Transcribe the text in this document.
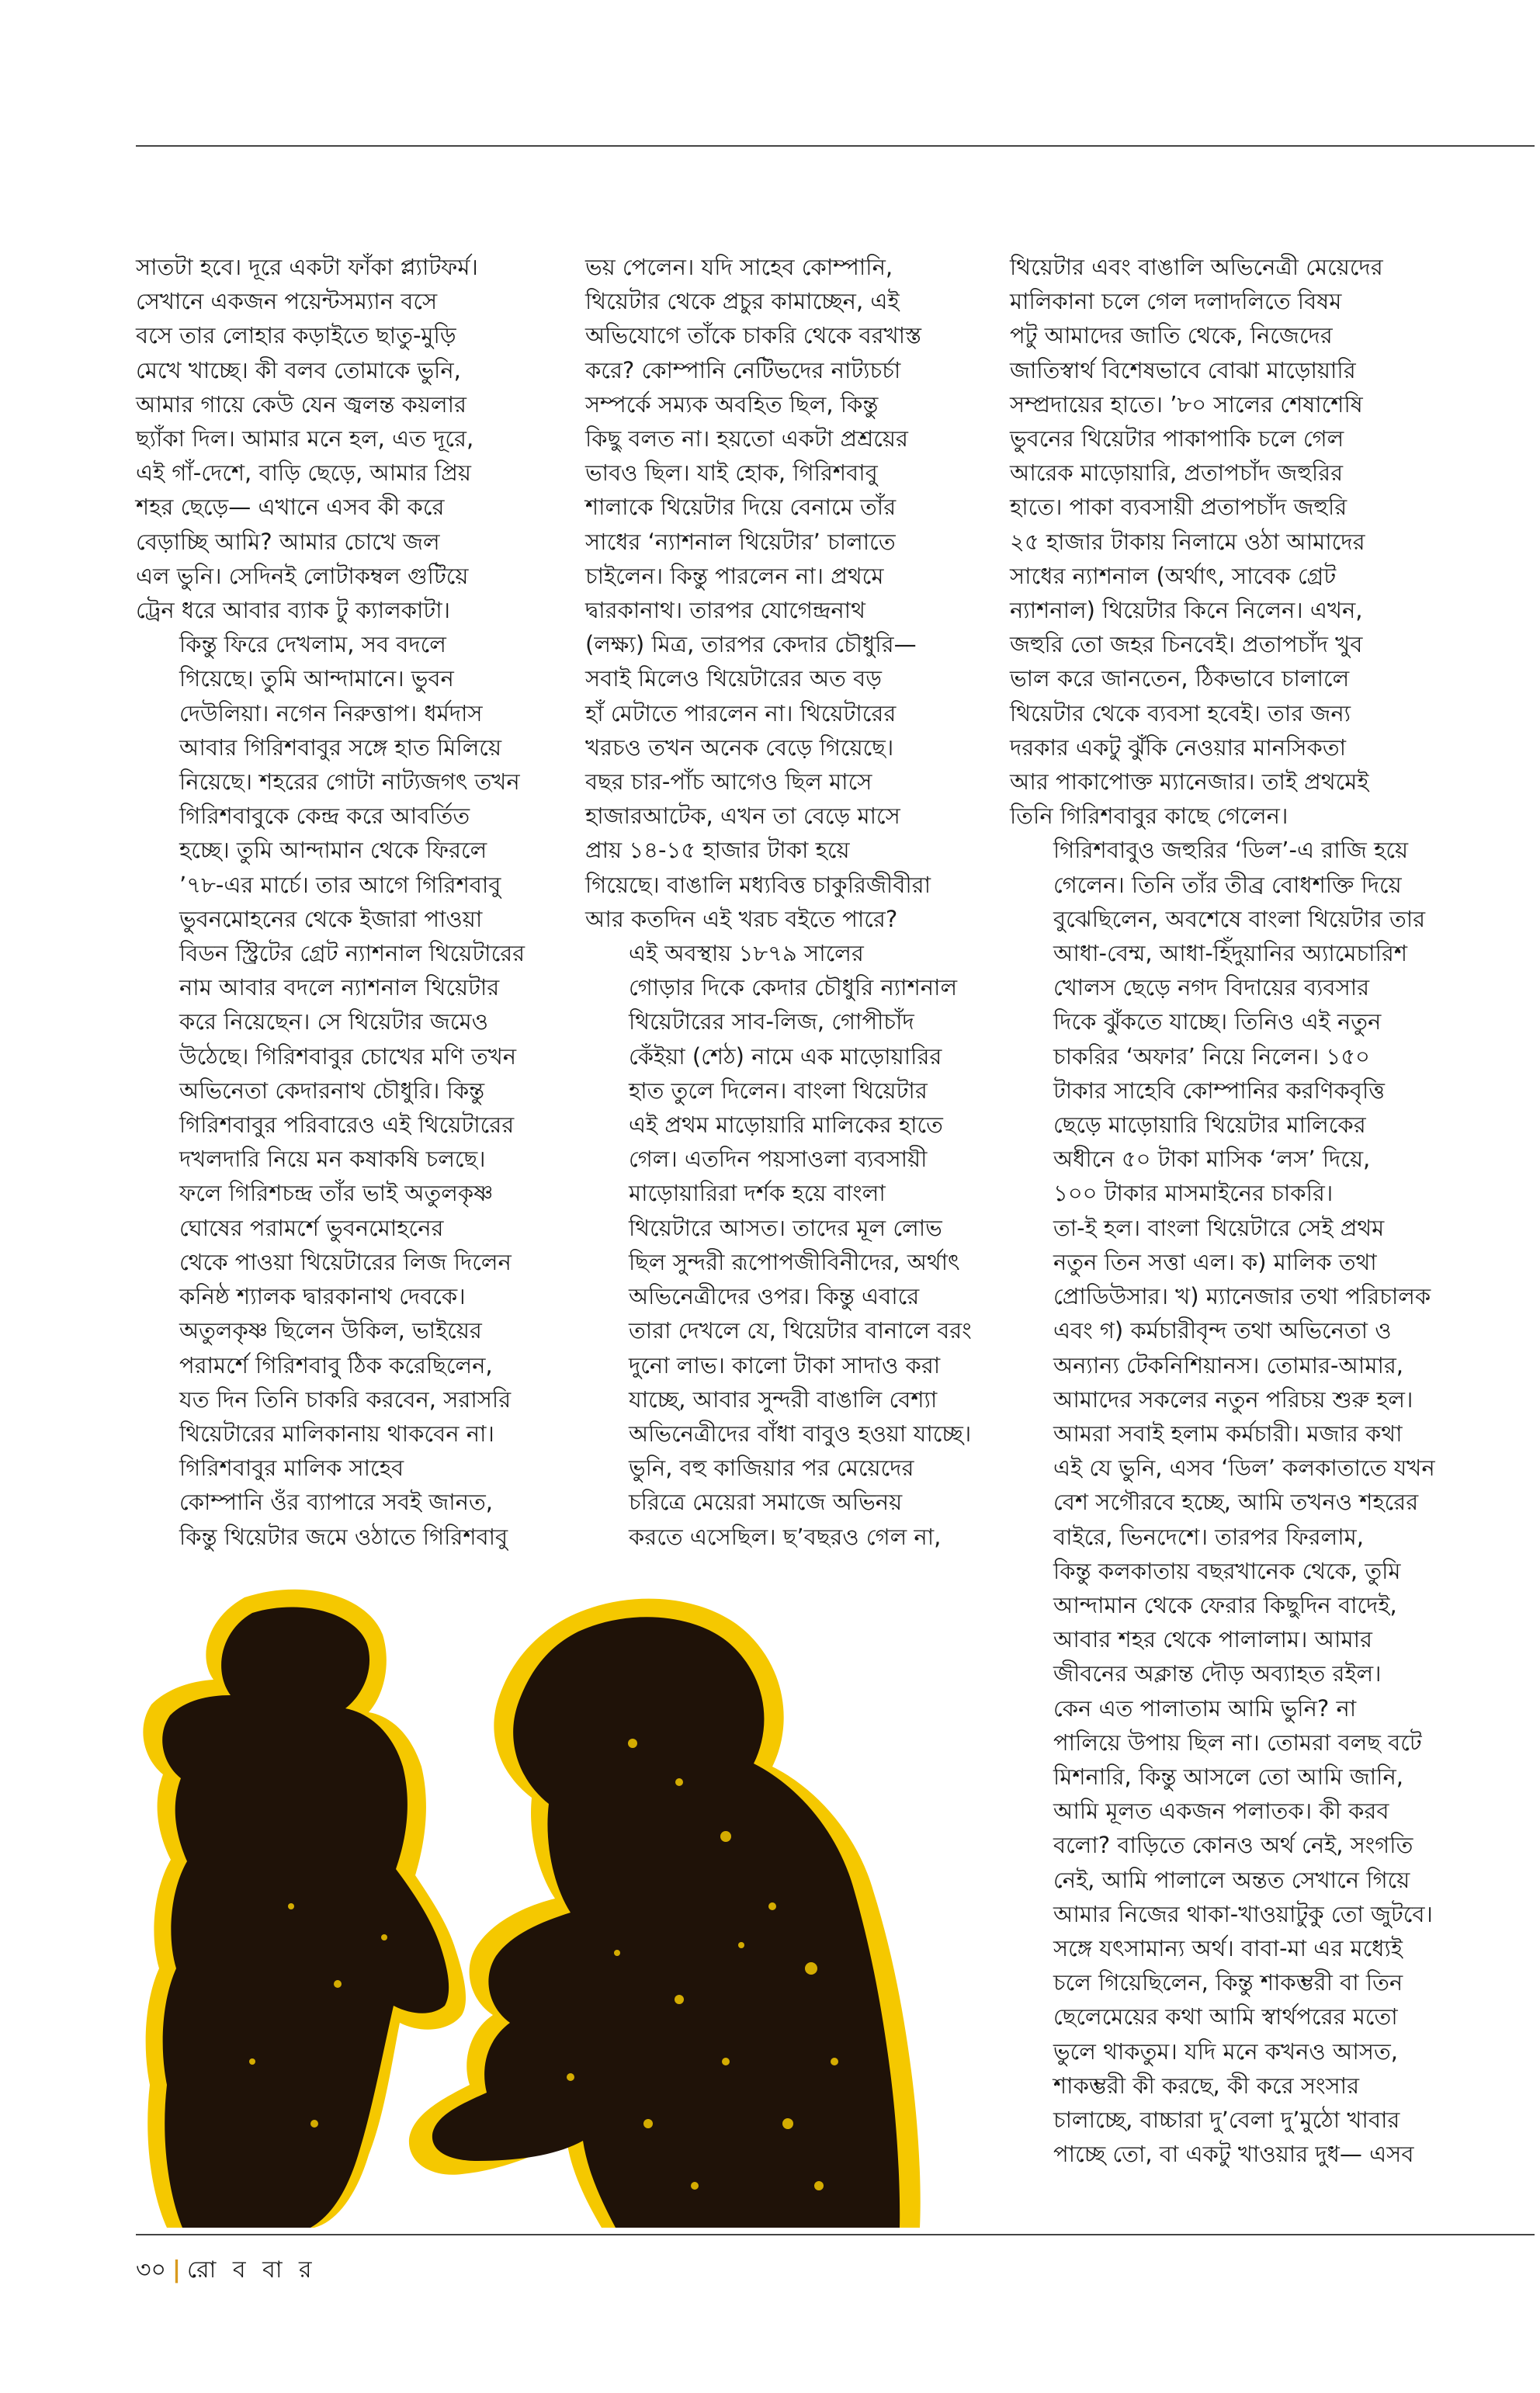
সাতটা হবে। দূরে একটা ফাঁকা প্ল্যাটফর্ম।
সেখানে একজন পয়েন্টসম্যান বসে
বসে তার লোহার কড়াইতে ছাতু-মুড়ি
মেখে খাচ্ছে। কী বলব তোমাকে ভুনি,
আমার গায়ে কেউ যেন জ্বলন্ত কয়লার
ছ্যাঁকা দিল। আমার মনে হল, এত দূরে,
এই গাঁ-দেশে, বাড়ি ছেড়ে, আমার প্রিয়
শহর ছেড়ে— এখানে এসব কী করে
বেড়াচ্ছি আমি? আমার চোখে জল
এল ভুনি। সেদিনই লোটাকম্বল গুটিয়ে
ট্রেন ধরে আবার ব্যাক টু ক্যালকাটা।

কিন্তু ফিরে দেখলাম, সব বদলে
গিয়েছে। তুমি আন্দামানে। ভুবন
দেউলিয়া। নগেন নিরুত্তাপ। ধর্মদাস
আবার গিরিশবাবুর সঙ্গে হাত মিলিয়ে
নিয়েছে। শহরের গোটা নাট্যজগৎ তখন
গিরিশবাবুকে কেন্দ্র করে আবর্তিত
হচ্ছে। তুমি আন্দামান থেকে ফিরলে
’৭৮-এর মার্চে। তার আগে গিরিশবাবু
ভুবনমোহনের থেকে ইজারা পাওয়া
বিডন স্ট্রিটের গ্রেট ন্যাশনাল থিয়েটারের
নাম আবার বদলে ন্যাশনাল থিয়েটার
করে নিয়েছেন। সে থিয়েটার জমেও
উঠেছে। গিরিশবাবুর চোখের মণি তখন
অভিনেতা কেদারনাথ চৌধুরি। কিন্তু
গিরিশবাবুর পরিবারেও এই থিয়েটারের
দখলদারি নিয়ে মন কষাকষি চলছে।
ফলে গিরিশচন্দ্র তাঁর ভাই অতুলকৃষ্ণ
ঘোষের পরামর্শে ভুবনমোহনের
থেকে পাওয়া থিয়েটারের লিজ দিলেন
কনিষ্ঠ শ্যালক দ্বারকানাথ দেবকে।
অতুলকৃষ্ণ ছিলেন উকিল, ভাইয়ের
পরামর্শে গিরিশবাবু ঠিক করেছিলেন,
যত দিন তিনি চাকরি করবেন, সরাসরি
থিয়েটারের মালিকানায় থাকবেন না।

গিরিশবাবুর মালিক সাহেব
কোম্পানি ওঁর ব্যাপারে সবই জানত,
কিন্তু থিয়েটার জমে ওঠাতে গিরিশবাবু

ভয় পেলেন। যদি সাহেব কোম্পানি,
থিয়েটার থেকে প্রচুর কামাচ্ছেন, এই
অভিযোগে তাঁকে চাকরি থেকে বরখাস্ত
করে? কোম্পানি নেটিভদের নাট্যচর্চা
সম্পর্কে সম্যক অবহিত ছিল, কিন্তু
কিছু বলত না। হয়তো একটা প্রশ্রয়ের
ভাবও ছিল। যাই হোক, গিরিশবাবু
শালাকে থিয়েটার দিয়ে বেনামে তাঁর
সাধের ‘ন্যাশনাল থিয়েটার’ চালাতে
চাইলেন। কিন্তু পারলেন না। প্রথমে
দ্বারকানাথ। তারপর যোগেন্দ্রনাথ
(লক্ষ্য) মিত্র, তারপর কেদার চৌধুরি—
সবাই মিলেও থিয়েটারের অত বড়
হাঁ মেটাতে পারলেন না। থিয়েটারের
খরচও তখন অনেক বেড়ে গিয়েছে।
বছর চার-পাঁচ আগেও ছিল মাসে
হাজারআটেক, এখন তা বেড়ে মাসে
প্রায় ১৪-১৫ হাজার টাকা হয়ে
গিয়েছে। বাঙালি মধ্যবিত্ত চাকুরিজীবীরা
আর কতদিন এই খরচ বইতে পারে?

এই অবস্থায় ১৮৭৯ সালের
গোড়ার দিকে কেদার চৌধুরি ন্যাশনাল
থিয়েটারের সাব-লিজ, গোপীচাঁদ
কেঁইয়া (শেঠ) নামে এক মাড়োয়ারির
হাত তুলে দিলেন। বাংলা থিয়েটার
এই প্রথম মাড়োয়ারি মালিকের হাতে
গেল। এতদিন পয়সাওলা ব্যবসায়ী
মাড়োয়ারিরা দর্শক হয়ে বাংলা
থিয়েটারে আসত। তাদের মূল লোভ
ছিল সুন্দরী রূপোপজীবিনীদের, অর্থাৎ
অভিনেত্রীদের ওপর। কিন্তু এবারে
তারা দেখলে যে, থিয়েটার বানালে বরং
দুনো লাভ। কালো টাকা সাদাও করা
যাচ্ছে, আবার সুন্দরী বাঙালি বেশ্যা
অভিনেত্রীদের বাঁধা বাবুও হওয়া যাচ্ছে।

ভুনি, বহু কাজিয়ার পর মেয়েদের
চরিত্রে মেয়েরা সমাজে অভিনয়
করতে এসেছিল। ছ’বছরও গেল না,

থিয়েটার এবং বাঙালি অভিনেত্রী মেয়েদের
মালিকানা চলে গেল দলাদলিতে বিষম
পটু আমাদের জাতি থেকে, নিজেদের
জাতিস্বার্থ বিশেষভাবে বোঝা মাড়োয়ারি
সম্প্রদায়ের হাতে। ’৮০ সালের শেষাশেষি
ভুবনের থিয়েটার পাকাপাকি চলে গেল
আরেক মাড়োয়ারি, প্রতাপচাঁদ জহুরির
হাতে। পাকা ব্যবসায়ী প্রতাপচাঁদ জহুরি
২৫ হাজার টাকায় নিলামে ওঠা আমাদের
সাধের ন্যাশনাল (অর্থাৎ, সাবেক গ্রেট
ন্যাশনাল) থিয়েটার কিনে নিলেন। এখন,
জহুরি তো জহর চিনবেই। প্রতাপচাঁদ খুব
ভাল করে জানতেন, ঠিকভাবে চালালে
থিয়েটার থেকে ব্যবসা হবেই। তার জন্য
দরকার একটু ঝুঁকি নেওয়ার মানসিকতা
আর পাকাপোক্ত ম্যানেজার। তাই প্রথমেই
তিনি গিরিশবাবুর কাছে গেলেন।

গিরিশবাবুও জহুরির ‘ডিল’-এ রাজি হয়ে
গেলেন। তিনি তাঁর তীব্র বোধশক্তি দিয়ে
বুঝেছিলেন, অবশেষে বাংলা থিয়েটার তার
আধা-বেম্ম, আধা-হিঁদুয়ানির অ্যামেচারিশ
খোলস ছেড়ে নগদ বিদায়ের ব্যবসার
দিকে ঝুঁকতে যাচ্ছে। তিনিও এই নতুন
চাকরির ‘অফার’ নিয়ে নিলেন। ১৫০
টাকার সাহেবি কোম্পানির করণিকবৃত্তি
ছেড়ে মাড়োয়ারি থিয়েটার মালিকের
অধীনে ৫০ টাকা মাসিক ‘লস’ দিয়ে,
১০০ টাকার মাসমাইনের চাকরি।

তা-ই হল। বাংলা থিয়েটারে সেই প্রথম
নতুন তিন সত্তা এল। ক) মালিক তথা
প্রোডিউসার। খ) ম্যানেজার তথা পরিচালক
এবং গ) কর্মচারীবৃন্দ তথা অভিনেতা ও
অন্যান্য টেকনিশিয়ানস। তোমার-আমার,
আমাদের সকলের নতুন পরিচয় শুরু হল।
আমরা সবাই হলাম কর্মচারী। মজার কথা
এই যে ভুনি, এসব ‘ডিল’ কলকাতাতে যখন
বেশ সগৌরবে হচ্ছে, আমি তখনও শহরের
বাইরে, ভিনদেশে। তারপর ফিরলাম,
কিন্তু কলকাতায় বছরখানেক থেকে, তুমি
আন্দামান থেকে ফেরার কিছুদিন বাদেই,
আবার শহর থেকে পালালাম। আমার
জীবনের অক্লান্ত দৌড় অব্যাহত রইল।

কেন এত পালাতাম আমি ভুনি? না
পালিয়ে উপায় ছিল না। তোমরা বলছ বটে
মিশনারি, কিন্তু আসলে তো আমি জানি,
আমি মূলত একজন পলাতক। কী করব
বলো? বাড়িতে কোনও অর্থ নেই, সংগতি
নেই, আমি পালালে অন্তত সেখানে গিয়ে
আমার নিজের থাকা-খাওয়াটুকু তো জুটবে।
সঙ্গে যৎসামান্য অর্থ। বাবা-মা এর মধ্যেই
চলে গিয়েছিলেন, কিন্তু শাকম্ভরী বা তিন
ছেলেমেয়ের কথা আমি স্বার্থপরের মতো
ভুলে থাকতুম। যদি মনে কখনও আসত,
শাকম্ভরী কী করছে, কী করে সংসার
চালাচ্ছে, বাচ্চারা দু’বেলা দু’মুঠো খাবার
পাচ্ছে তো, বা একটু খাওয়ার দুধ— এসব

৩০ | রো ব বা র
